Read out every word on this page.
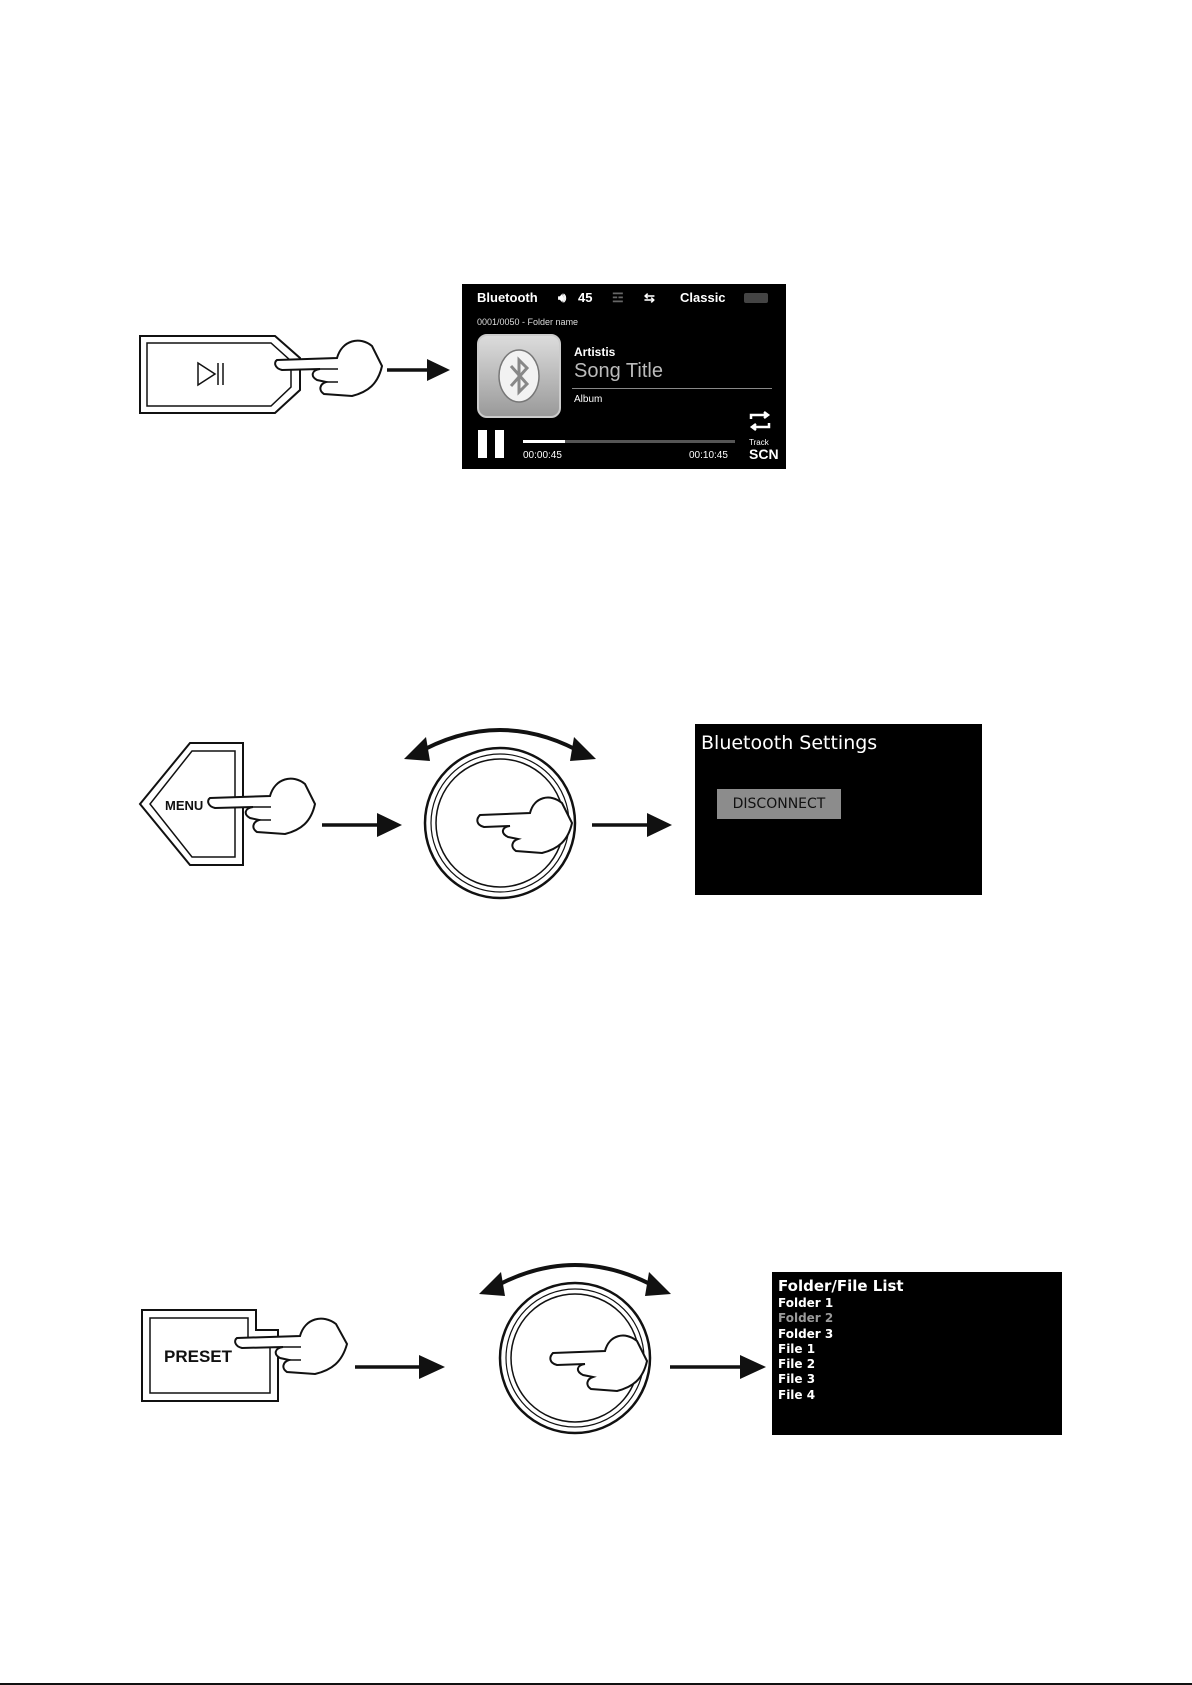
Bluetooth 🔊︎ 45 ☲ ⇆ Classic
0001/0050 - Folder name
Artistis
Song Title
Album
00:00:45	00:10:45
Track
SCN
MENU
Bluetooth Settings
DISCONNECT
PRESET
Folder/File List
Folder 1
Folder 2
Folder 3
File 1
File 2
File 3
File 4
